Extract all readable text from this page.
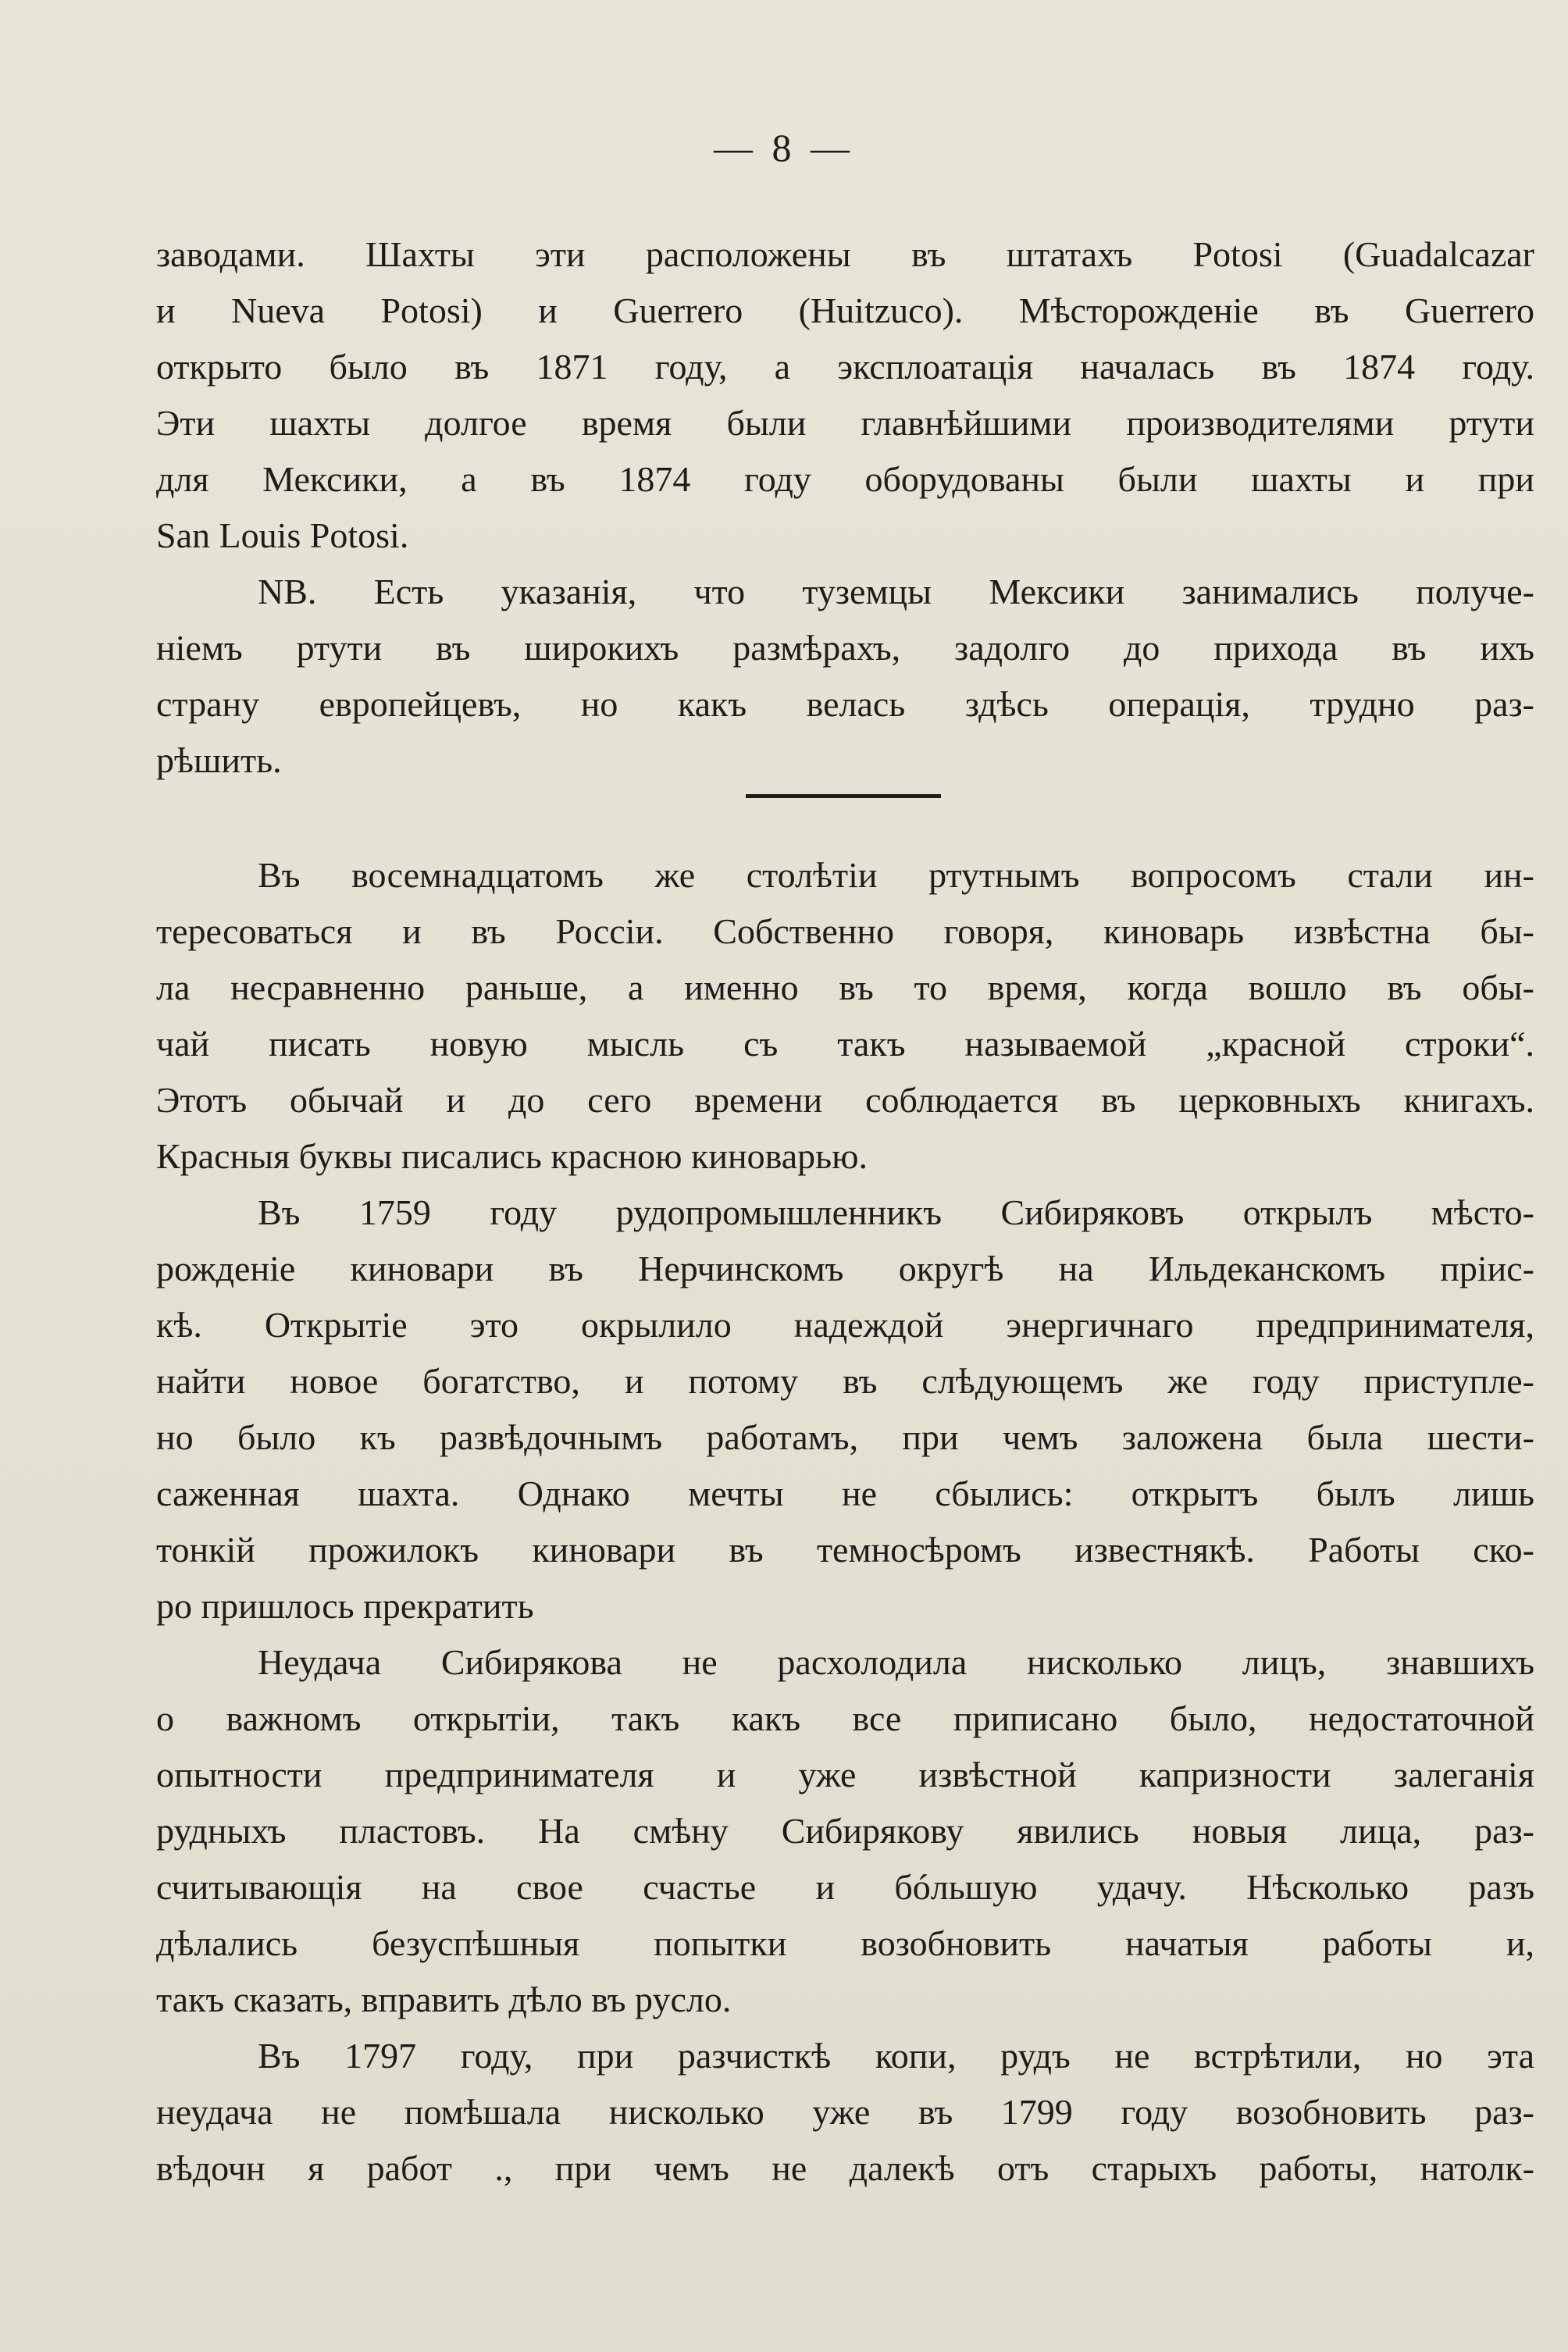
— 8 —
заводами. Шахты эти расположены въ штатахъ Potosi (Guadalcazar
и Nueva Potosi) и Guerrero (Huitzuco). Мѣсторожденіе въ Guerrero
открыто было въ 1871 году, а эксплоатація началась въ 1874 году.
Эти шахты долгое время были главнѣйшими производителями ртути
для Мексики, а въ 1874 году оборудованы были шахты и при
San Louis Potosi.
NB. Есть указанія, что туземцы Мексики занимались получе-
ніемъ ртути въ широкихъ размѣрахъ, задолго до прихода въ ихъ
страну европейцевъ, но какъ велась здѣсь операція, трудно раз-
рѣшить.
Въ восемнадцатомъ же столѣтіи ртутнымъ вопросомъ стали ин-
тересоваться и въ Россіи. Собственно говоря, киноварь извѣстна бы-
ла несравненно раньше, а именно въ то время, когда вошло въ обы-
чай писать новую мысль съ такъ называемой „красной строки“.
Этотъ обычай и до сего времени соблюдается въ церковныхъ книгахъ.
Красныя буквы писались красною киноварью.
Въ 1759 году рудопромышленникъ Сибиряковъ открылъ мѣсто-
рожденіе киновари въ Нерчинскомъ округѣ на Ильдеканскомъ пріис-
кѣ. Открытіе это окрылило надеждой энергичнаго предпринимателя,
найти новое богатство, и потому въ слѣдующемъ же году приступле-
но было къ развѣдочнымъ работамъ, при чемъ заложена была шести-
саженная шахта. Однако мечты не сбылись: открытъ былъ лишь
тонкій прожилокъ киновари въ темносѣромъ известнякѣ. Работы ско-
ро пришлось прекратить
Неудача Сибирякова не расхолодила нисколько лицъ, знавшихъ
о важномъ открытіи, такъ какъ все приписано было, недостаточной
опытности предпринимателя и уже извѣстной капризности залеганія
рудныхъ пластовъ. На смѣну Сибирякову явились новыя лица, раз-
считывающія на свое счастье и бóльшую удачу. Нѣсколько разъ
дѣлались безуспѣшныя попытки возобновить начатыя работы и,
такъ сказать, вправить дѣло въ русло.
Въ 1797 году, при разчисткѣ копи, рудъ не встрѣтили, но эта
неудача не помѣшала нисколько уже въ 1799 году возобновить раз-
вѣдочн я работ ., при чемъ не далекѣ отъ старыхъ работы, натолк-
